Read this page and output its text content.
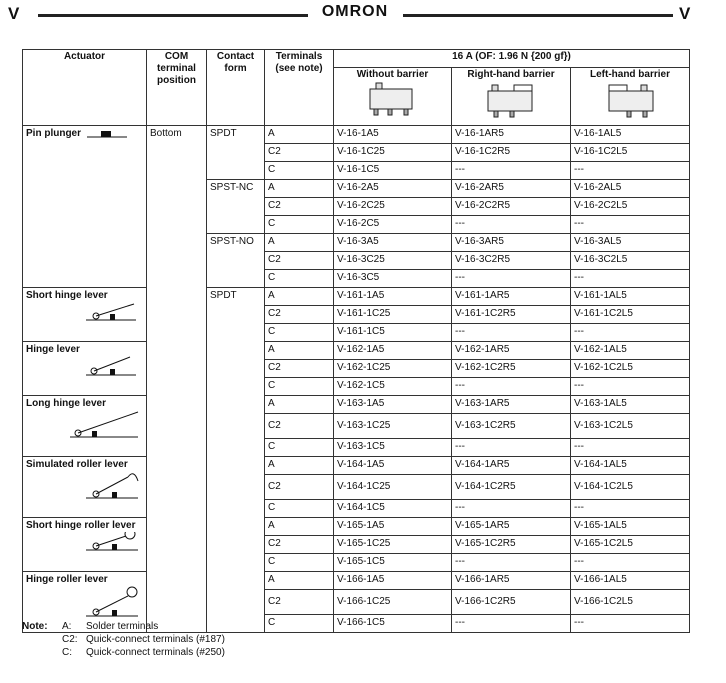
V	OMRON	V
Actuator	COM terminal position	Contact form	Terminals (see note)	16 A (OF: 1.96 N {200 gf})		
				Without barrier	Right-hand barrier	Left-hand barrier

Pin plunger	Bottom	SPDT	A	V-16-1A5	V-16-1AR5	V-16-1AL5
			C2	V-16-1C25	V-16-1C2R5	V-16-1C2L5
			C	V-16-1C5	---	---
		SPST-NC	A	V-16-2A5	V-16-2AR5	V-16-2AL5
			C2	V-16-2C25	V-16-2C2R5	V-16-2C2L5
			C	V-16-2C5	---	---
		SPST-NO	A	V-16-3A5	V-16-3AR5	V-16-3AL5
			C2	V-16-3C25	V-16-3C2R5	V-16-3C2L5
			C	V-16-3C5	---	---

Short hinge lever		SPDT	A	V-161-1A5	V-161-1AR5	V-161-1AL5
			C2	V-161-1C25	V-161-1C2R5	V-161-1C2L5
			C	V-161-1C5	---	---

Hinge lever			A	V-162-1A5	V-162-1AR5	V-162-1AL5
			C2	V-162-1C25	V-162-1C2R5	V-162-1C2L5
			C	V-162-1C5	---	---

Long hinge lever			A	V-163-1A5	V-163-1AR5	V-163-1AL5
			C2	V-163-1C25	V-163-1C2R5	V-163-1C2L5
			C	V-163-1C5	---	---

Simulated roller lever			A	V-164-1A5	V-164-1AR5	V-164-1AL5
			C2	V-164-1C25	V-164-1C2R5	V-164-1C2L5
			C	V-164-1C5	---	---

Short hinge roller lever			A	V-165-1A5	V-165-1AR5	V-165-1AL5
			C2	V-165-1C25	V-165-1C2R5	V-165-1C2L5
			C	V-165-1C5	---	---

Hinge roller lever			A	V-166-1A5	V-166-1AR5	V-166-1AL5
			C2	V-166-1C25	V-166-1C2R5	V-166-1C2L5
			C	V-166-1C5	---	---
Note: A: Solder terminals
C2: Quick-connect terminals (#187)
C: Quick-connect terminals (#250)
